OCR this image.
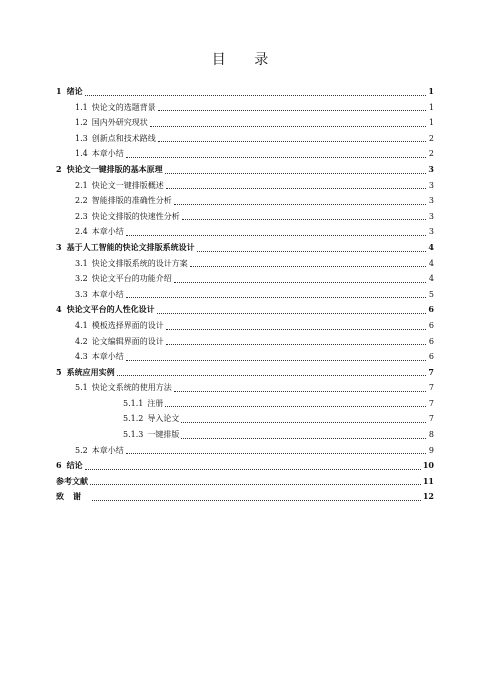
目 录
1 绪论	1
1.1 快论文的选题背景	1
1.2 国内外研究现状	1
1.3 创新点和技术路线	2
1.4 本章小结	2
2 快论文一键排版的基本原理	3
2.1 快论文一键排版概述	3
2.2 智能排版的准确性分析	3
2.3 快论文排版的快速性分析	3
2.4 本章小结	3
3 基于人工智能的快论文排版系统设计	4
3.1 快论文排版系统的设计方案	4
3.2 快论文平台的功能介绍	4
3.3 本章小结	5
4 快论文平台的人性化设计	6
4.1 模板选择界面的设计	6
4.2 论文编辑界面的设计	6
4.3 本章小结	6
5 系统应用实例	7
5.1 快论文系统的使用方法	7
5.1.1 注册	7
5.1.2 导入论文	7
5.1.3 一键排版	8
5.2 本章小结	9
6 结论	10
参考文献	11
致谢	12
